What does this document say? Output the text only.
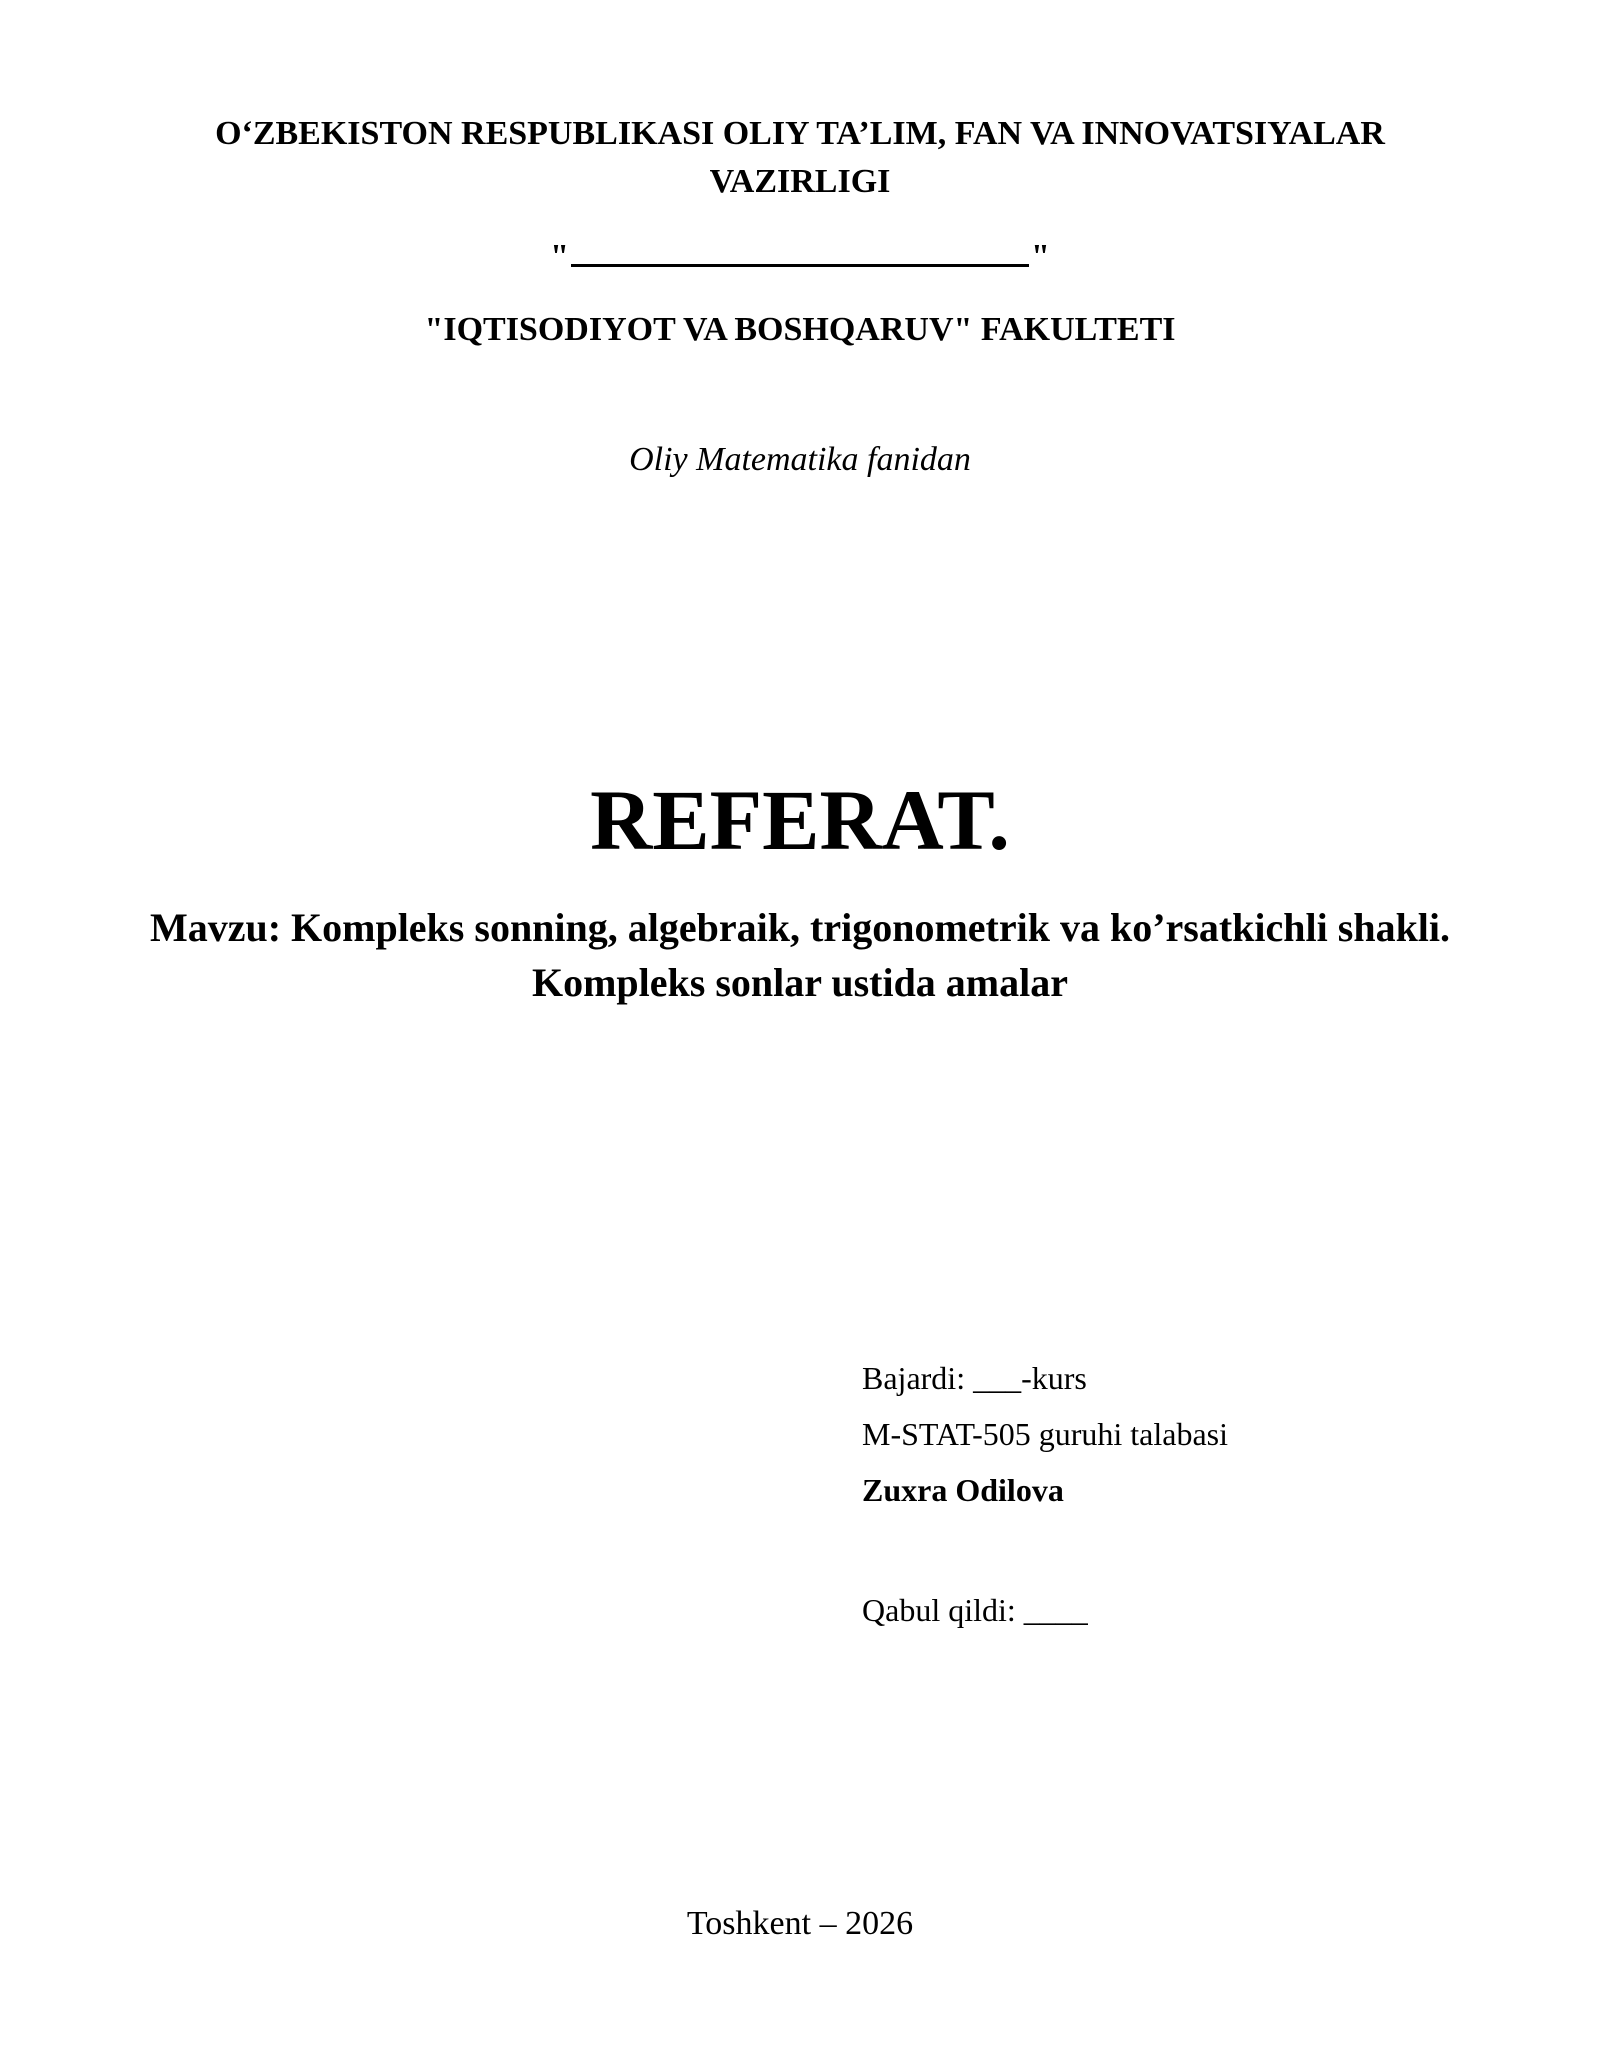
O‘ZBEKISTON RESPUBLIKASI OLIY TA’LIM, FAN VA INNOVATSIYALAR
VAZIRLIGI
"	"
"IQTISODIYOT VA BOSHQARUV" FAKULTETI
Oliy Matematika fanidan
REFERAT.
Mavzu: Kompleks sonning, algebraik, trigonometrik va ko’rsatkichli shakli.
Kompleks sonlar ustida amalar
Bajardi: ___-kurs
M-STAT-505 guruhi talabasi
Zuxra Odilova
Qabul qildi: ____
Toshkent – 2026
